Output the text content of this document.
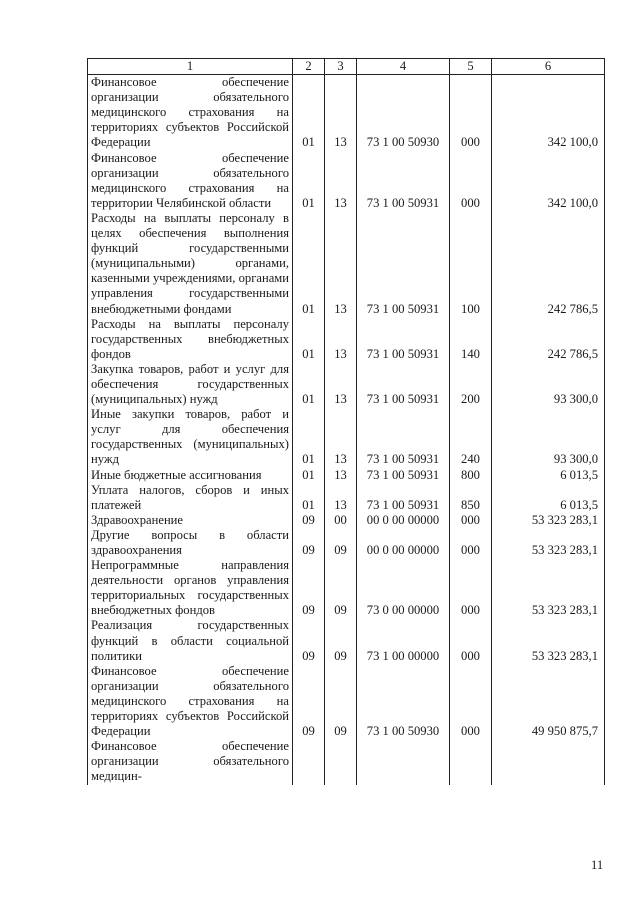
1	2	3	4	5	6
Финансовое обеспечение организации обязательного медицинского страхования на территориях субъектов Российской Федерации	01	13	73 1 00 50930	000	342 100,0
Финансовое обеспечение организации обязательного медицинского страхования на территории Челябинской области	01	13	73 1 00 50931	000	342 100,0
Расходы на выплаты персоналу в целях обеспечения выполнения функций государственными (муниципальными) органами, казенными учреждениями, органами управления государственными внебюджетными фондами	01	13	73 1 00 50931	100	242 786,5
Расходы на выплаты персоналу государственных внебюджетных фондов	01	13	73 1 00 50931	140	242 786,5
Закупка товаров, работ и услуг для обеспечения государственных (муниципальных) нужд	01	13	73 1 00 50931	200	93 300,0
Иные закупки товаров, работ и услуг для обеспечения государственных (муниципальных) нужд	01	13	73 1 00 50931	240	93 300,0
Иные бюджетные ассигнования	01	13	73 1 00 50931	800	6 013,5
Уплата налогов, сборов и иных платежей	01	13	73 1 00 50931	850	6 013,5
Здравоохранение	09	00	00 0 00 00000	000	53 323 283,1
Другие вопросы в области здравоохранения	09	09	00 0 00 00000	000	53 323 283,1
Непрограммные направления деятельности органов управления территориальных государственных внебюджетных фондов	09	09	73 0 00 00000	000	53 323 283,1
Реализация государственных функций в области социальной политики	09	09	73 1 00 00000	000	53 323 283,1
Финансовое обеспечение организации обязательного медицинского страхования на территориях субъектов Российской Федерации	09	09	73 1 00 50930	000	49 950 875,7
Финансовое обеспечение организации обязательного медицин-					
11
